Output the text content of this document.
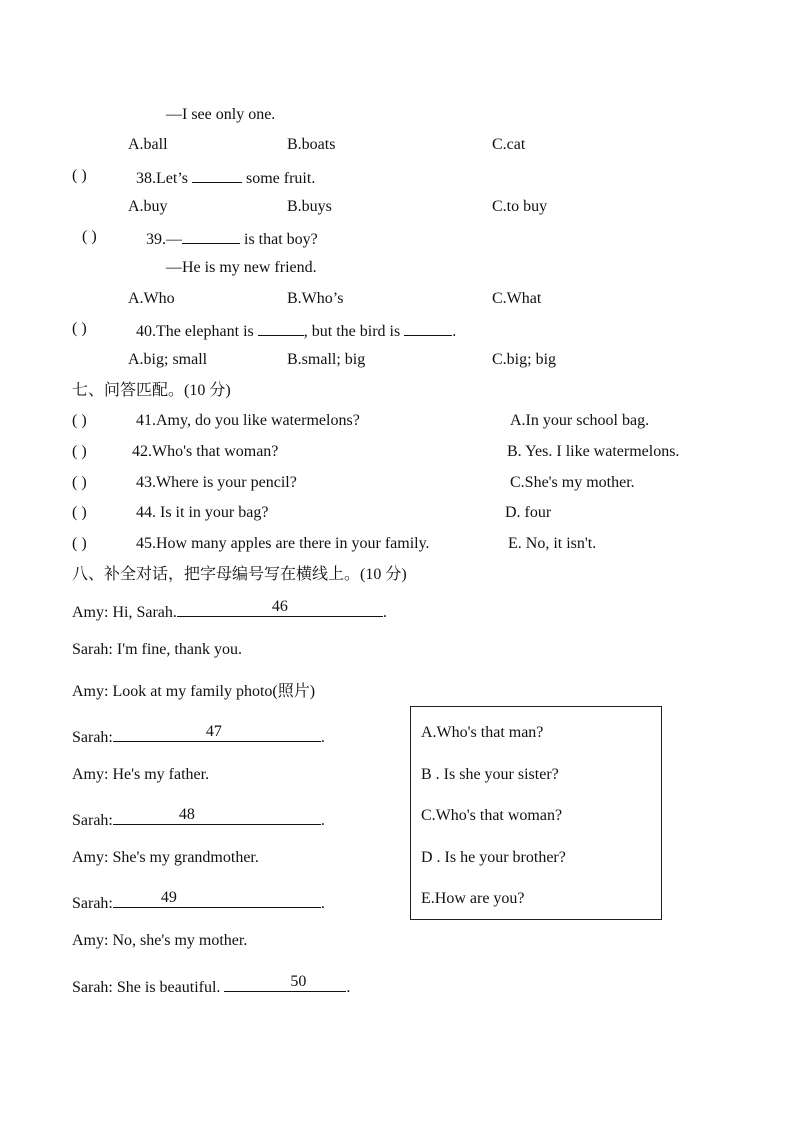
—I see only one.
A.ball	B.boats	C.cat
( )	38.Let’s	some fruit.
A.buy	B.buys	C.to buy
( )	39.—	is that boy?
—He is my new friend.
A.Who	B.Who’s	C.What
( )	40.The elephant is	, but the bird is	.
A.big; small	B.small; big	C.big; big
七、问答匹配。(10 分)
( )	41.Amy, do you like watermelons?	A.In your school bag.
( )	42.Who's that woman?	B. Yes. I like watermelons.
( )	43.Where is your pencil?	C.She's my mother.
( )	44. Is it in your bag?	D. four
( )	45.How many apples are there in your family.	E. No, it isn't.
八、补全对话，把字母编号写在横线上。(10 分)
Amy: Hi, Sarah.	46	.
Sarah: I'm fine, thank you.
Amy: Look at my family photo(照片)
Sarah:	47	.
Amy: He's my father.
Sarah:	48	.
Amy: She's my grandmother.
Sarah:	49	.
Amy: No, she's my mother.
Sarah: She is beautiful.	50	.
A.Who's that man?
B . Is she your sister?
C.Who's that woman?
D . Is he your brother?
E.How are you?
